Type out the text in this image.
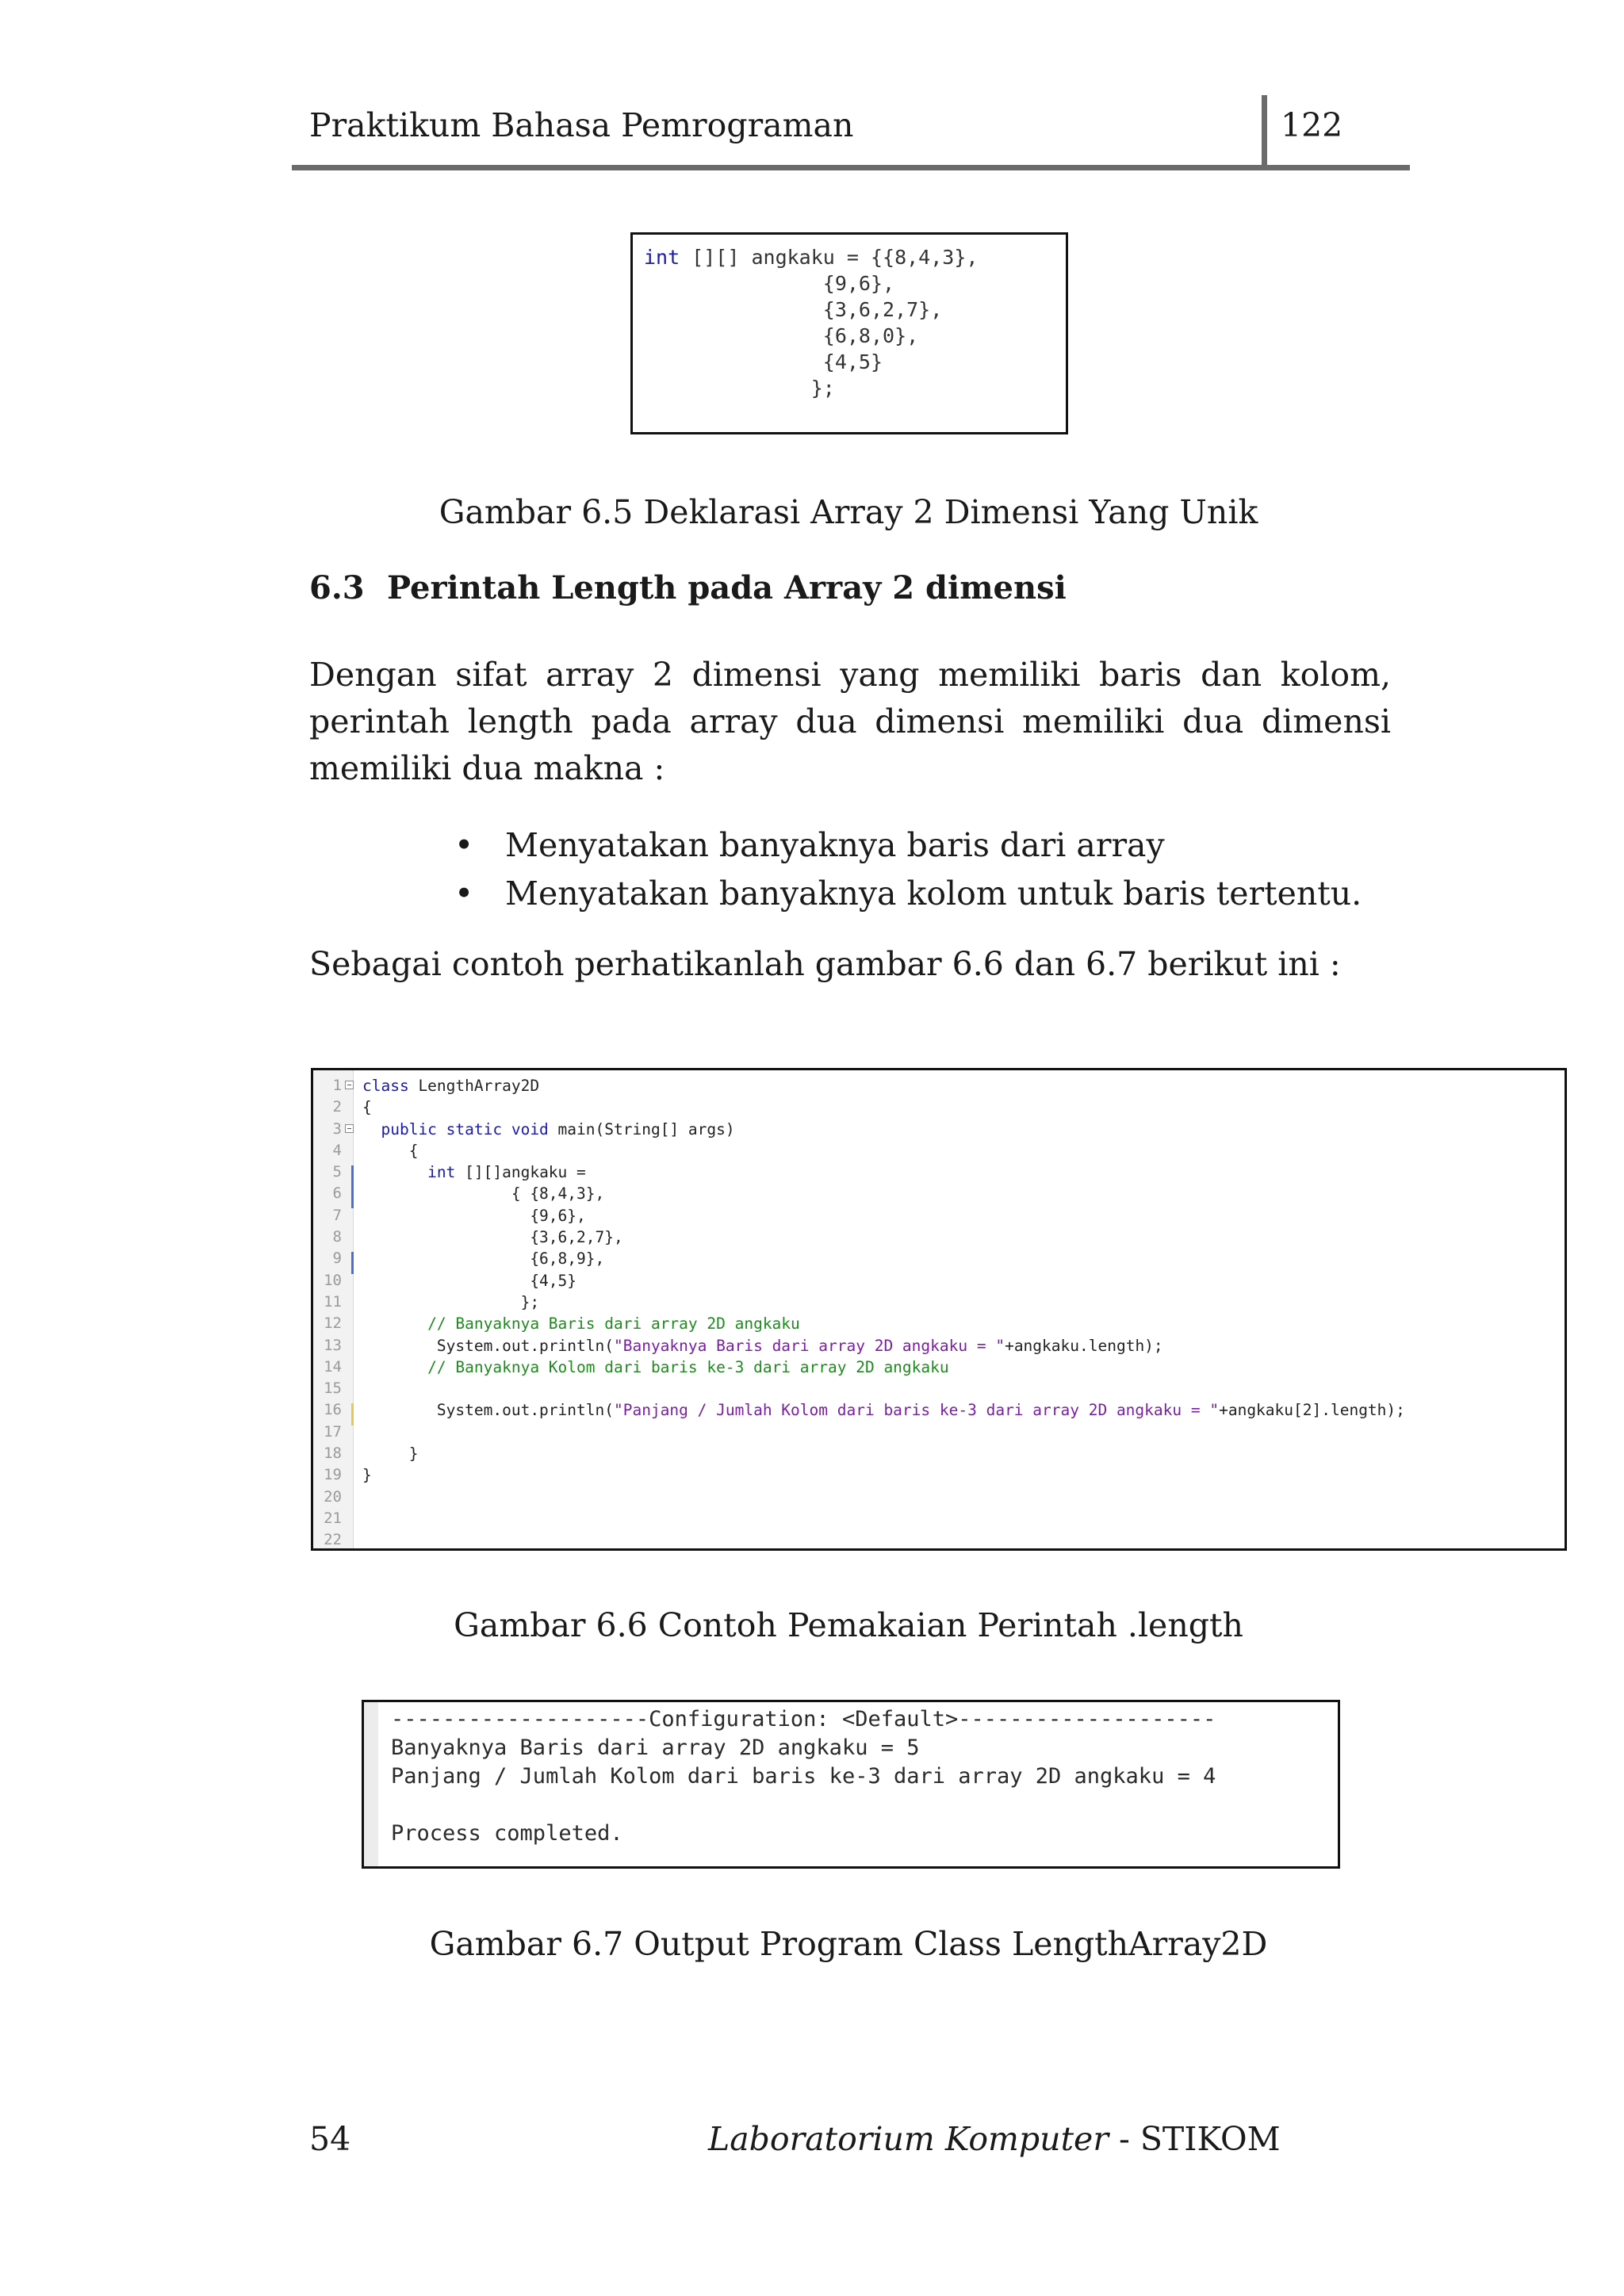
Praktikum Bahasa Pemrograman	122
int [][] angkaku = {{8,4,3},
{9,6},
{3,6,2,7},
{6,8,0},
{4,5}
};
Gambar 6.5 Deklarasi Array 2 Dimensi Yang Unik
6.3 Perintah Length pada Array 2 dimensi
Dengan sifat array 2 dimensi yang memiliki baris dan kolom, perintah length pada array dua dimensi memiliki dua dimensi memiliki dua makna :
• Menyatakan banyaknya baris dari array
• Menyatakan banyaknya kolom untuk baris tertentu.
Sebagai contoh perhatikanlah gambar 6.6 dan 6.7 berikut ini :
1
2
3
4
5
6
7
8
9
10
11
12
13
14
15
16
17
18
19
20
21
22
class LengthArray2D
{
public static void main(String[] args)
{
int [][]angkaku =
{ {8,4,3},
{9,6},
{3,6,2,7},
{6,8,9},
{4,5}
};
// Banyaknya Baris dari array 2D angkaku
System.out.println("Banyaknya Baris dari array 2D angkaku = "+angkaku.length);
// Banyaknya Kolom dari baris ke-3 dari array 2D angkaku

System.out.println("Panjang / Jumlah Kolom dari baris ke-3 dari array 2D angkaku = "+angkaku[2].length);

}
}

Gambar 6.6 Contoh Pemakaian Perintah .length
--------------------Configuration: <Default>--------------------
Banyaknya Baris dari array 2D angkaku = 5
Panjang / Jumlah Kolom dari baris ke-3 dari array 2D angkaku = 4

Process completed.
Gambar 6.7 Output Program Class LengthArray2D
54	Laboratorium Komputer - STIKOM
